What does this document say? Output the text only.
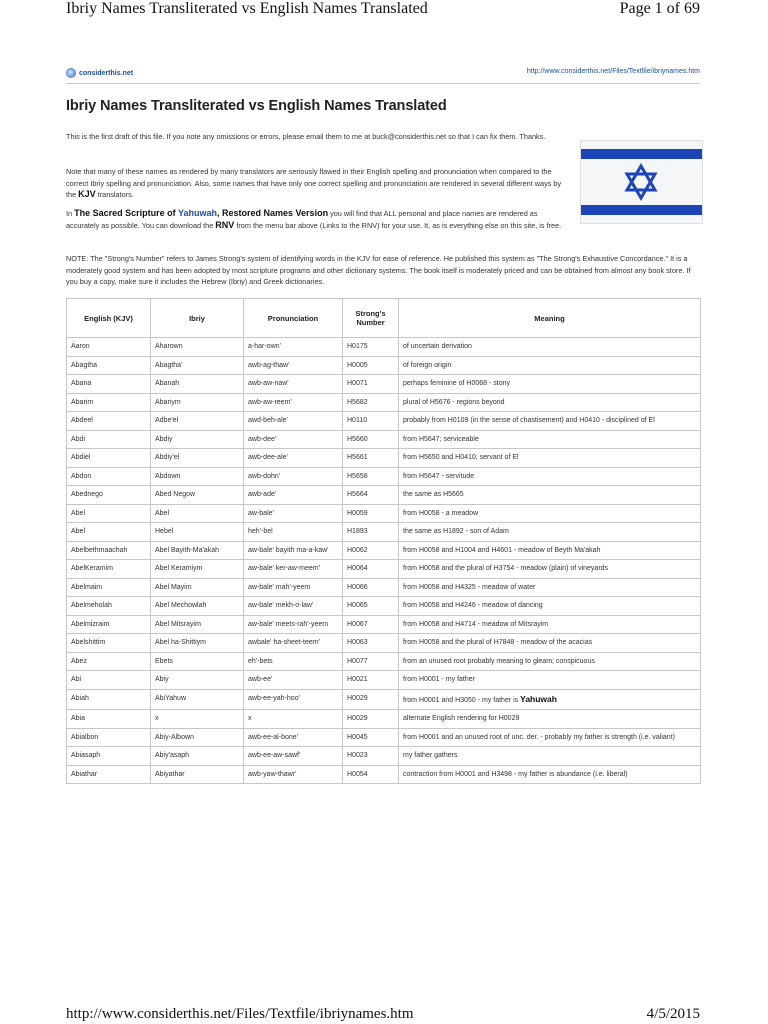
Ibriy Names Transliterated vs English Names Translated	Page 1 of 69
considerthis.net	http://www.considerthis.net/Files/Textfile/ibriynames.htm
Ibriy Names Transliterated vs English Names Translated
This is the first draft of this file. If you note any omissions or errors, please email them to me at buck@considerthis.net so that I can fix them. Thanks.
Note that many of these names as rendered by many translators are seriously flawed in their English spelling and pronunciation when compared to the correct Ibriy spelling and pronunciation. Also, some names that have only one correct spelling and pronunciation are rendered in several different ways by the KJV translators.
In The Sacred Scripture of Yahuwah, Restored Names Version you will find that ALL personal and place names are rendered as accurately as possible. You can download the RNV from the menu bar above (Links to the RNV) for your use. It, as is everything else on this site, is free.
NOTE: The "Strong's Number" refers to James Strong's system of identifying words in the KJV for ease of reference. He published this system as "The Strong's Exhaustive Concordance." It is a moderately good system and has been adopted by most scripture programs and other dictionary systems. The book itself is moderately priced and can be obtained from almost any book store. If you buy a copy, make sure it includes the Hebrew (Ibriy) and Greek dictionaries.
English (KJV)	Ibriy	Pronunciation	Strong's
Number	Meaning
Aaron	Aharown	a-har-own'	H0175	of uncertain derivation
Abagtha	Abagtha'	awb-ag-thaw'	H0005	of foreign origin
Abana	Abanah	awb-aw-naw'	H0071	perhaps feminine of H0068 - stony
Abarim	Abariym	awb-aw-reem'	H5682	plural of H5676 - regions beyond
Abdeel	Adbe'el	awd-beh-ale'	H0110	probably from H0109 (in the sense of chastisement) and H0410 - disciplined of El
Abdi	Abdiy	awb-dee'	H5660	from H5647; serviceable
Abdiel	Abdiy'el	awb-dee-ale'	H5661	from H5650 and H0410; servant of El
Abdon	Abdown	awb-dohn'	H5658	from H5647 - servitude
Abednego	Abed Negow	awb-ade'	H5664	the same as H5665
Abel	Abel	aw-bale'	H0059	from H0058 - a meadow
Abel	Hebel	heh'-bel	H1893	the same as H1892 - son of Adam
Abelbethmaachah	Abel Bayith-Ma'akah	aw-bale' bayith ma-a-kaw'	H0062	from H0058 and H1004 and H4601 - meadow of Beyth Ma'akah
AbelKeramim	Abel Keramiym	aw-bale' ker-aw-meem'	H0064	from H0058 and the plural of H3754 - meadow (plain) of vineyards
Abelmaim	Abel Mayim	aw-bale' mah'-yeem	H0066	from H0058 and H4325 - meadow of water
Abelmeholah	Abel Mechowlah	aw-bale' mekh-o-law'	H0065	from H0058 and H4246 - meadow of dancing
Abelmizraim	Abel Mitsrayim	aw-bale' meets-rah'-yeem	H0067	from H0058 and H4714 - meadow of Mitsrayim
Abelshittim	Abel ha-Shittiym	awbale' ha-sheet-teem'	H0063	from H0058 and the plural of H7848 - meadow of the acacias
Abez	Ebets	eh'-bets	H0077	from an unused root probably meaning to gleam; conspicuous
Abi	Abiy	awb-ee'	H0021	from H0001 - my father
Abiah	AbiYahuw	awb-ee-yah-hoo'	H0029	from H0001 and H3050 - my father is Yahuwah
Abia	x	x	H0029	alternate English rendering for H0029
Abialbon	Abiy-Albown	awb-ee-al-bone'	H0045	from H0001 and an unused root of unc. der. - probably my father is strength (i.e. valiant)
Abiasaph	Abiy'asaph	awb-ee-aw-sawf'	H0023	my father gathers
Abiathar	Abiyathar	awb-yaw-thawr'	H0054	contraction from H0001 and H3498 - my father is abundance (i.e. liberal)
http://www.considerthis.net/Files/Textfile/ibriynames.htm	4/5/2015
